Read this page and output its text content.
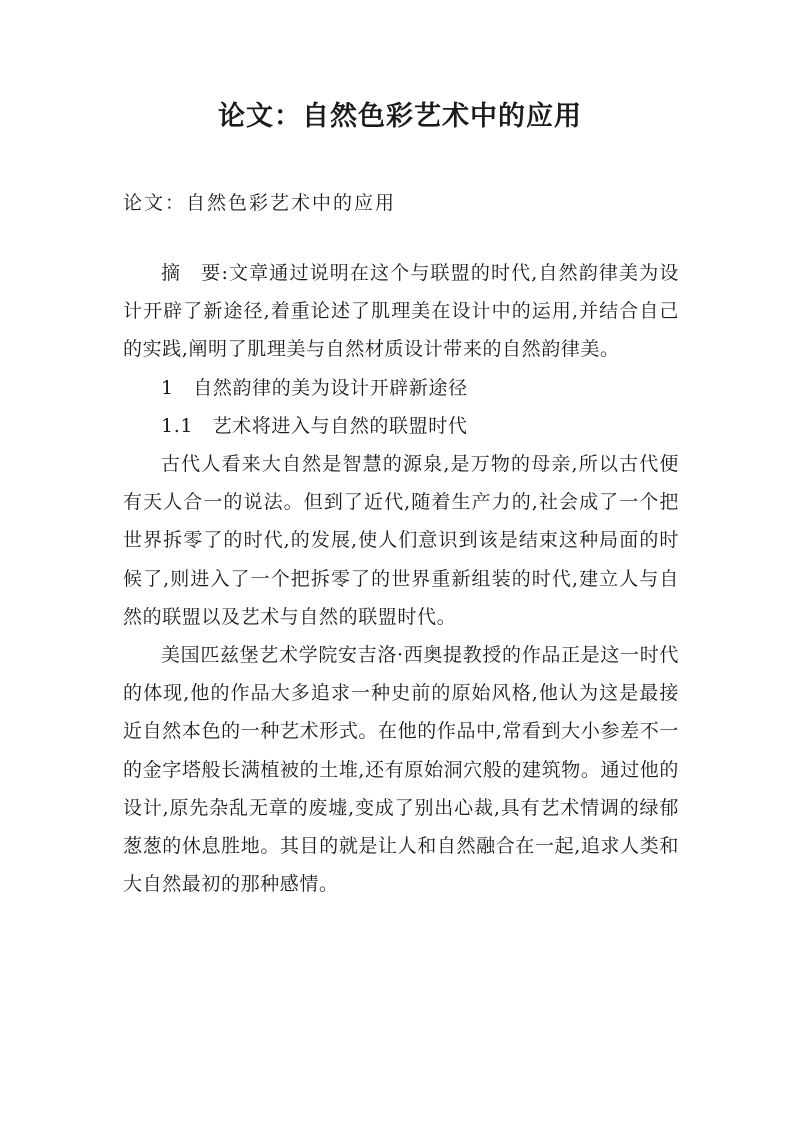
论文：自然色彩艺术中的应用
论文：自然色彩艺术中的应用

摘　要:文章通过说明在这个与联盟的时代,自然韵律美为设计开辟了新途径,着重论述了肌理美在设计中的运用,并结合自己的实践,阐明了肌理美与自然材质设计带来的自然韵律美。

1　自然韵律的美为设计开辟新途径

1.1　艺术将进入与自然的联盟时代

古代人看来大自然是智慧的源泉,是万物的母亲,所以古代便有天人合一的说法。但到了近代,随着生产力的,社会成了一个把世界拆零了的时代,的发展,使人们意识到该是结束这种局面的时候了,则进入了一个把拆零了的世界重新组装的时代,建立人与自然的联盟以及艺术与自然的联盟时代。

美国匹兹堡艺术学院安吉洛·西奥提教授的作品正是这一时代的体现,他的作品大多追求一种史前的原始风格,他认为这是最接近自然本色的一种艺术形式。在他的作品中,常看到大小参差不一的金字塔般长满植被的土堆,还有原始洞穴般的建筑物。通过他的设计,原先杂乱无章的废墟,变成了别出心裁,具有艺术情调的绿郁葱葱的休息胜地。其目的就是让人和自然融合在一起,追求人类和大自然最初的那种感情。
